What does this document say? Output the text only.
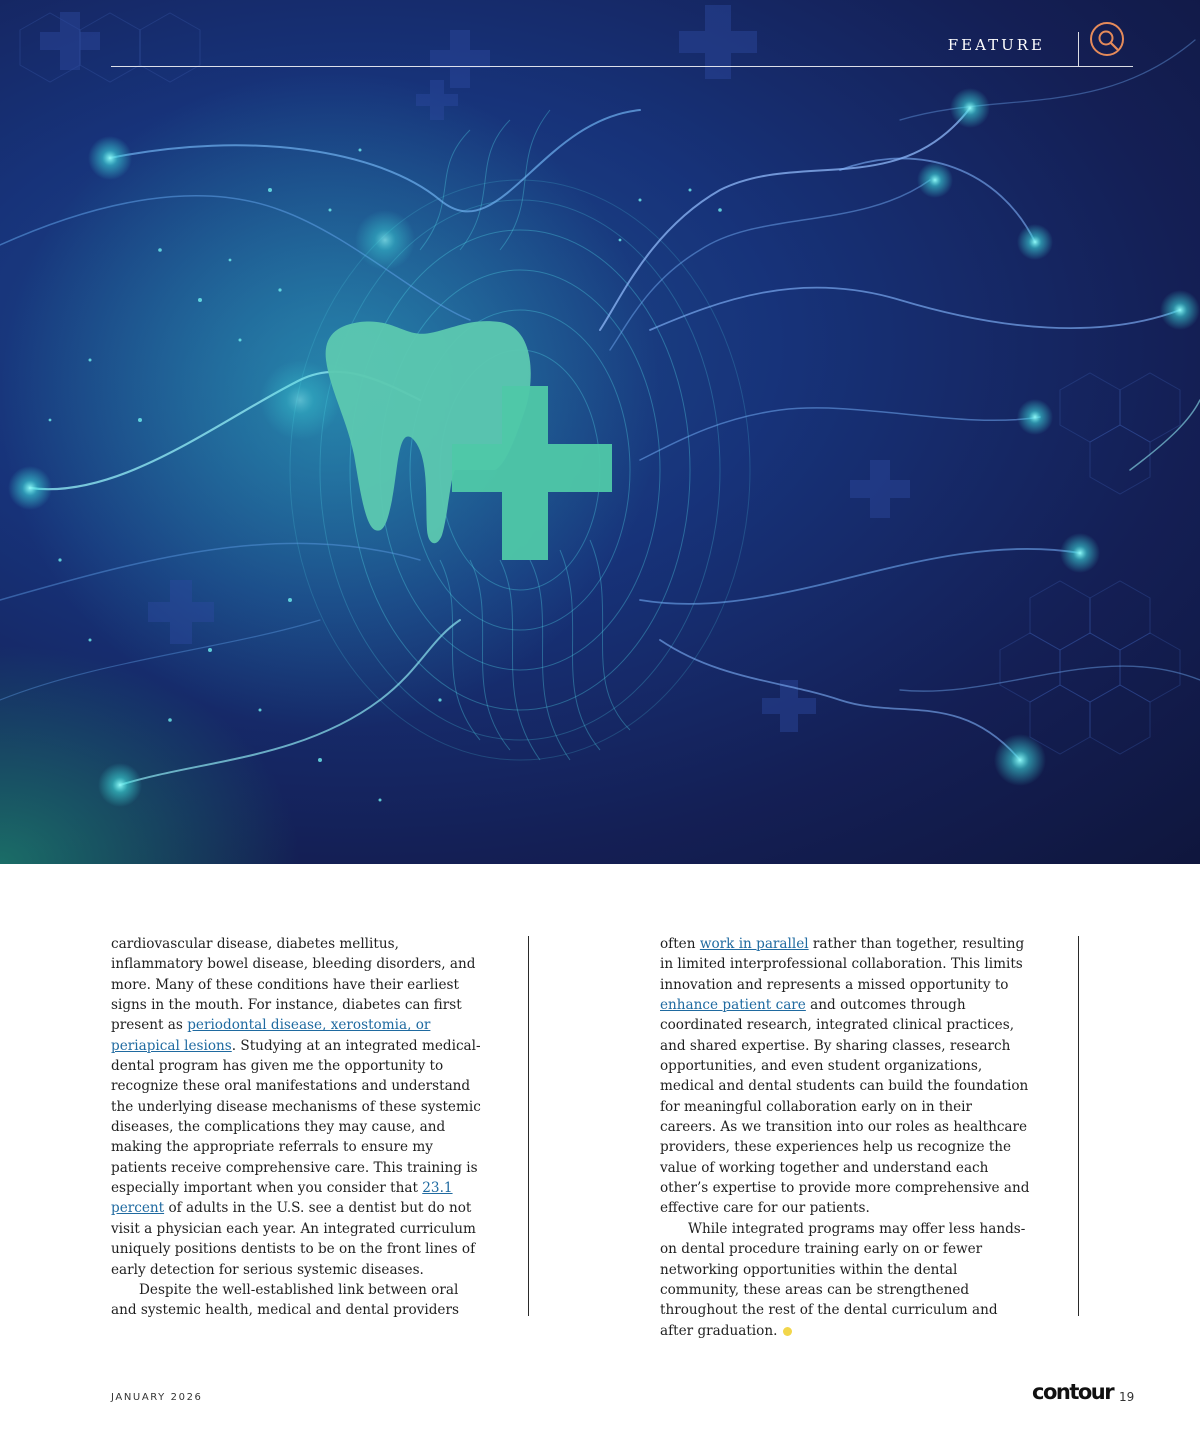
FEATURE

cardiovascular disease, diabetes mellitus, inflammatory bowel disease, bleeding disorders, and more. Many of these conditions have their earliest signs in the mouth. For instance, diabetes can first present as periodontal disease, xerostomia, or periapical lesions. Studying at an integrated medical-dental program has given me the opportunity to recognize these oral manifestations and understand the underlying disease mechanisms of these systemic diseases, the complications they may cause, and making the appropriate referrals to ensure my patients receive comprehensive care. This training is especially important when you consider that 23.1 percent of adults in the U.S. see a dentist but do not visit a physician each year. An integrated curriculum uniquely positions dentists to be on the front lines of early detection for serious systemic diseases.

Despite the well-established link between oral and systemic health, medical and dental providers

often work in parallel rather than together, resulting in limited interprofessional collaboration. This limits innovation and represents a missed opportunity to enhance patient care and outcomes through coordinated research, integrated clinical practices, and shared expertise. By sharing classes, research opportunities, and even student organizations, medical and dental students can build the foundation for meaningful collaboration early on in their careers. As we transition into our roles as healthcare providers, these experiences help us recognize the value of working together and understand each other’s expertise to provide more comprehensive and effective care for our patients.

While integrated programs may offer less hands-on dental procedure training early on or fewer networking opportunities within the dental community, these areas can be strengthened throughout the rest of the dental curriculum and after graduation.

JANUARY 2026	contour 19
